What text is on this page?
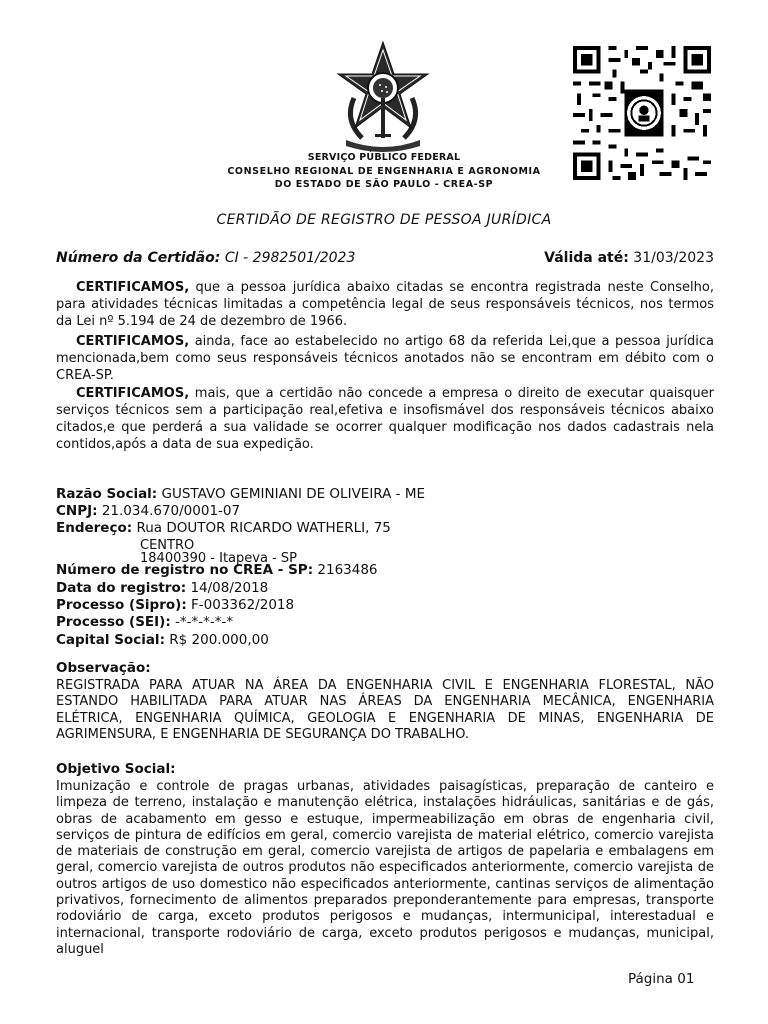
SERVIÇO PÚBLICO FEDERAL
CONSELHO REGIONAL DE ENGENHARIA E AGRONOMIA
DO ESTADO DE SÃO PAULO - CREA-SP
CERTIDÃO DE REGISTRO DE PESSOA JURÍDICA
Número da Certidão: CI - 2982501/2023	Válida até: 31/03/2023
CERTIFICAMOS, que a pessoa jurídica abaixo citadas se encontra registrada neste Conselho, para atividades técnicas limitadas a competência legal de seus responsáveis técnicos, nos termos da Lei nº 5.194 de 24 de dezembro de 1966.
CERTIFICAMOS, ainda, face ao estabelecido no artigo 68 da referida Lei,que a pessoa jurídica mencionada,bem como seus responsáveis técnicos anotados não se encontram em débito com o CREA-SP.
CERTIFICAMOS, mais, que a certidão não concede a empresa o direito de executar quaisquer serviços técnicos sem a participação real,efetiva e insofismável dos responsáveis técnicos abaixo citados,e que perderá a sua validade se ocorrer qualquer modificação nos dados cadastrais nela contidos,após a data de sua expedição.
Razão Social: GUSTAVO GEMINIANI DE OLIVEIRA - ME
CNPJ: 21.034.670/0001-07
Endereço: Rua DOUTOR RICARDO WATHERLI, 75
CENTRO
18400390 - Itapeva - SP
Número de registro no CREA - SP: 2163486
Data do registro: 14/08/2018
Processo (Sipro): F-003362/2018
Processo (SEI): -*-*-*-*-*
Capital Social: R$ 200.000,00
Observação:
REGISTRADA PARA ATUAR NA ÁREA DA ENGENHARIA CIVIL E ENGENHARIA FLORESTAL, NÃO ESTANDO HABILITADA PARA ATUAR NAS ÁREAS DA ENGENHARIA MECÂNICA, ENGENHARIA ELÉTRICA, ENGENHARIA QUÍMICA, GEOLOGIA E ENGENHARIA DE MINAS, ENGENHARIA DE AGRIMENSURA, E ENGENHARIA DE SEGURANÇA DO TRABALHO.
Objetivo Social:
Imunização e controle de pragas urbanas, atividades paisagísticas, preparação de canteiro e limpeza de terreno, instalação e manutenção elétrica, instalações hidráulicas, sanitárias e de gás, obras de acabamento em gesso e estuque, impermeabilização em obras de engenharia civil, serviços de pintura de edifícios em geral, comercio varejista de material elétrico, comercio varejista de materiais de construção em geral, comercio varejista de artigos de papelaria e embalagens em geral, comercio varejista de outros produtos não especificados anteriormente, comercio varejista de outros artigos de uso domestico não especificados anteriormente, cantinas serviços de alimentação privativos, fornecimento de alimentos preparados preponderantemente para empresas, transporte rodoviário de carga, exceto produtos perigosos e mudanças, intermunicipal, interestadual e internacional, transporte rodoviário de carga, exceto produtos perigosos e mudanças, municipal, aluguel
Página 01
